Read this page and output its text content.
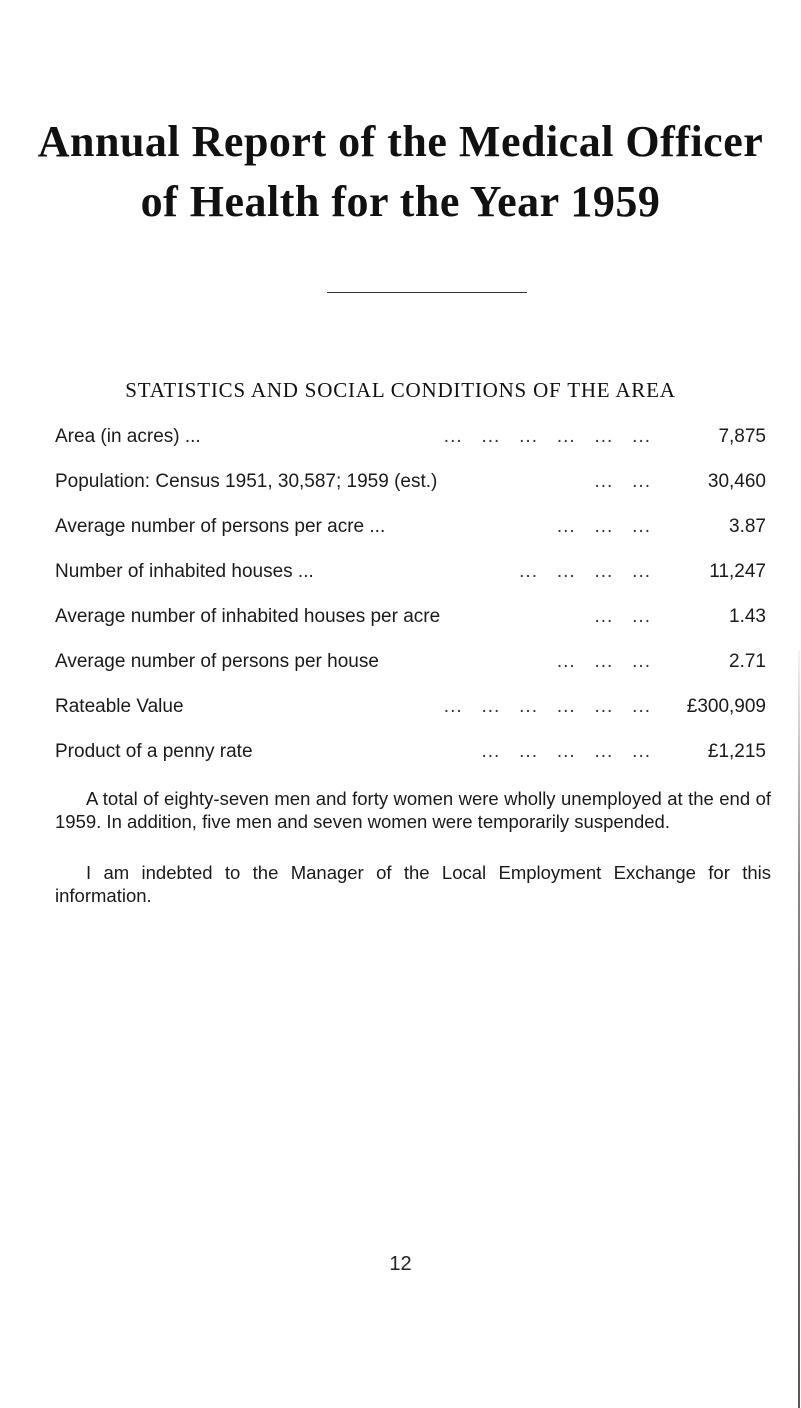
Annual Report of the Medical Officer
of Health for the Year 1959
STATISTICS AND SOCIAL CONDITIONS OF THE AREA
Area (in acres) ...	...   ...   ...   ...   ...   ...	7,875
Population: Census 1951, 30,587; 1959 (est.)	...   ...	30,460
Average number of persons per acre ...	...   ...   ...	3.87
Number of inhabited houses ...	...   ...   ...   ...	11,247
Average number of inhabited houses per acre	...   ...	1.43
Average number of persons per house	...   ...   ...	2.71
Rateable Value	...   ...   ...   ...   ...   ... £300,909
Product of a penny rate	...   ...   ...   ...   ...	£1,215

A total of eighty-seven men and forty women were wholly unemployed at the end of 1959. In addition, five men and seven women were temporarily suspended.

I am indebted to the Manager of the Local Employment Exchange for this information.

12
